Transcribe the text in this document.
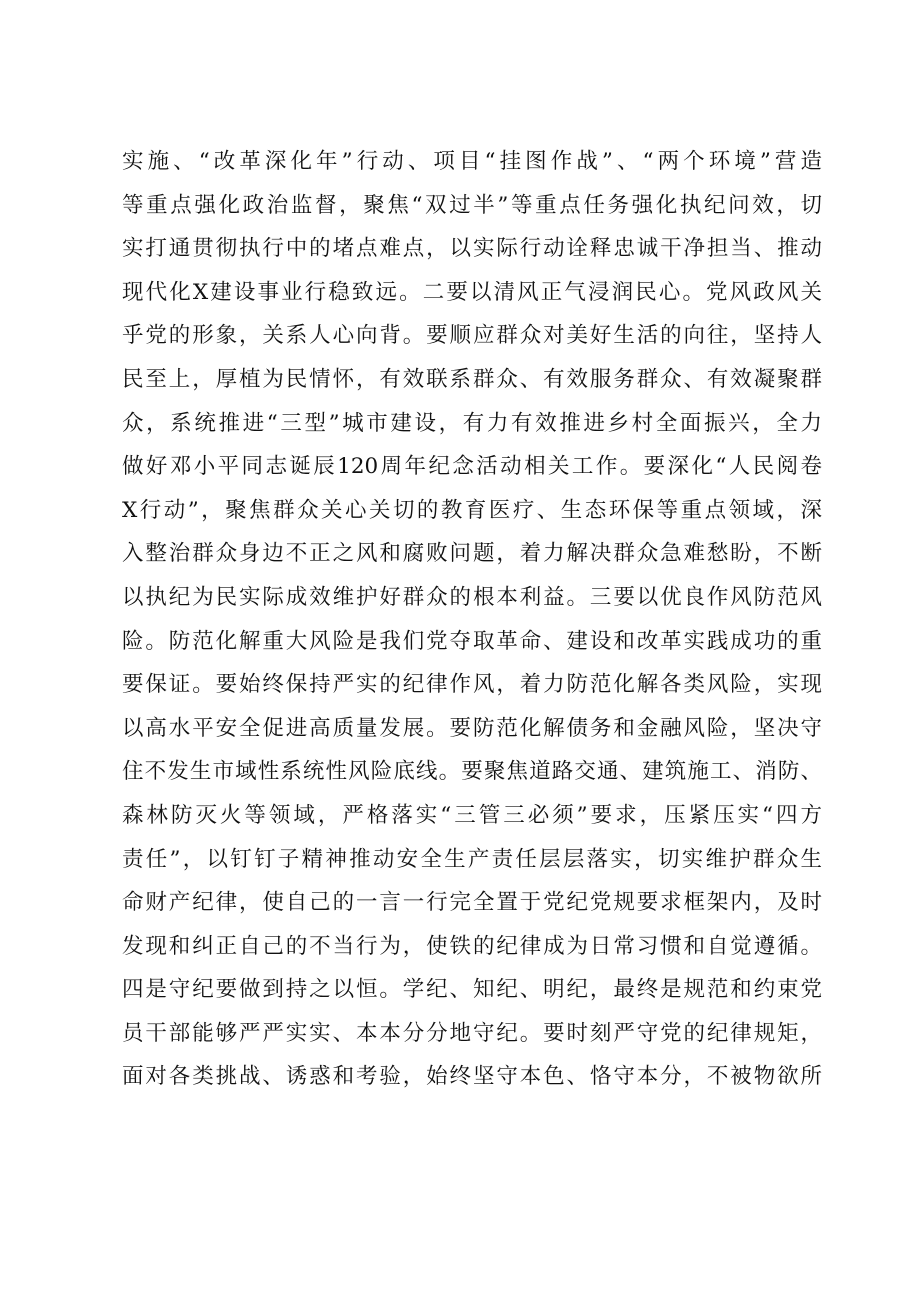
实施、“改革深化年”行动、项目“挂图作战”、“两个环境”营造
等重点强化政治监督，聚焦“双过半”等重点任务强化执纪问效，切
实打通贯彻执行中的堵点难点，以实际行动诠释忠诚干净担当、推动
现代化X建设事业行稳致远。二要以清风正气浸润民心。党风政风关
乎党的形象，关系人心向背。要顺应群众对美好生活的向往，坚持人
民至上，厚植为民情怀，有效联系群众、有效服务群众、有效凝聚群
众，系统推进“三型”城市建设，有力有效推进乡村全面振兴，全力
做好邓小平同志诞辰120周年纪念活动相关工作。要深化“人民阅卷
X行动”，聚焦群众关心关切的教育医疗、生态环保等重点领域，深
入整治群众身边不正之风和腐败问题，着力解决群众急难愁盼，不断
以执纪为民实际成效维护好群众的根本利益。三要以优良作风防范风
险。防范化解重大风险是我们党夺取革命、建设和改革实践成功的重
要保证。要始终保持严实的纪律作风，着力防范化解各类风险，实现
以高水平安全促进高质量发展。要防范化解债务和金融风险，坚决守
住不发生市域性系统性风险底线。要聚焦道路交通、建筑施工、消防、
森林防灭火等领域，严格落实“三管三必须”要求，压紧压实“四方
责任”，以钉钉子精神推动安全生产责任层层落实，切实维护群众生
命财产纪律，使自己的一言一行完全置于党纪党规要求框架内，及时
发现和纠正自己的不当行为，使铁的纪律成为日常习惯和自觉遵循。
四是守纪要做到持之以恒。学纪、知纪、明纪，最终是规范和约束党
员干部能够严严实实、本本分分地守纪。要时刻严守党的纪律规矩，
面对各类挑战、诱惑和考验，始终坚守本色、恪守本分，不被物欲所
